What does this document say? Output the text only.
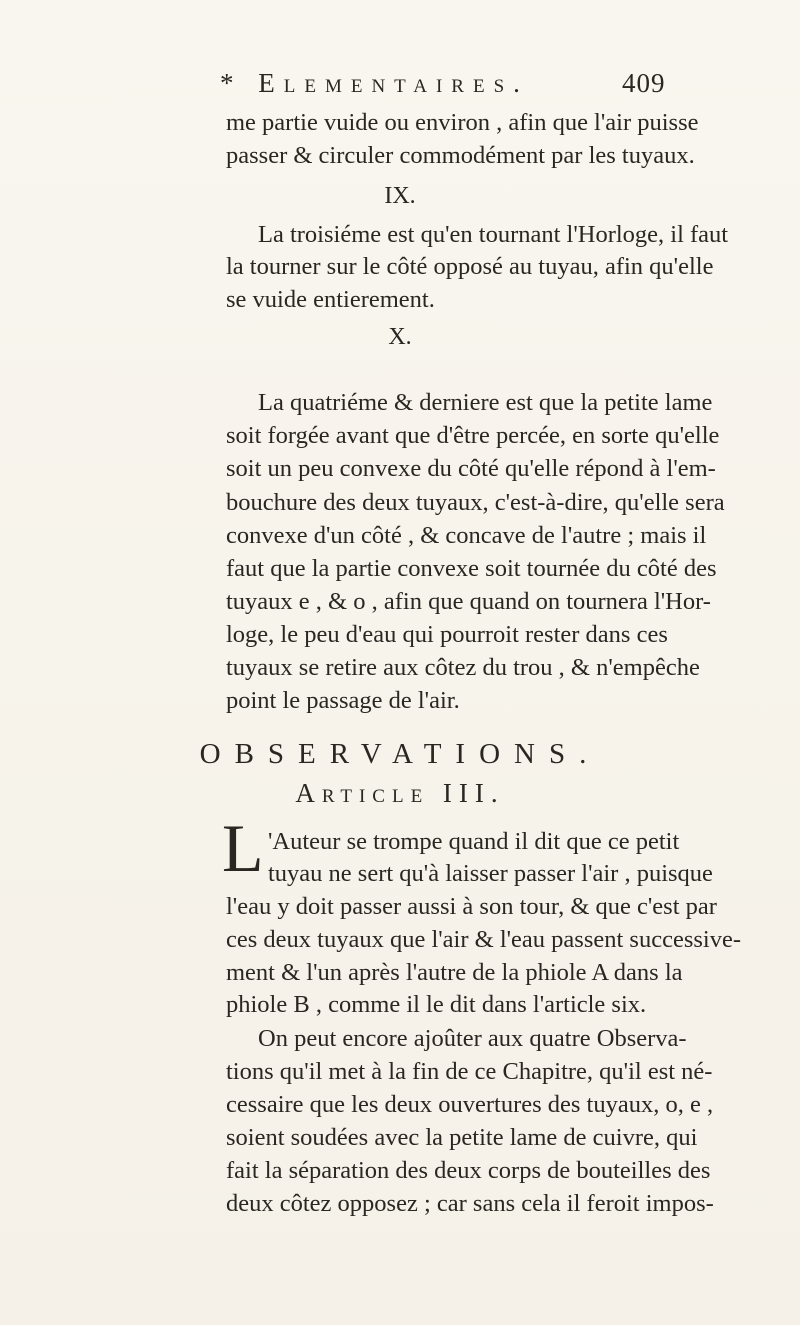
* Elementaires.	409
me partie vuide ou environ , afin que l'air puisse
passer & circuler commodément par les tuyaux.
IX.
La troisiéme est qu'en tournant l'Horloge, il faut
la tourner sur le côté opposé au tuyau, afin qu'elle
se vuide entierement.
X.
La quatriéme & derniere est que la petite lame
soit forgée avant que d'être percée, en sorte qu'elle
soit un peu convexe du côté qu'elle répond à l'em-
bouchure des deux tuyaux, c'est-à-dire, qu'elle sera
convexe d'un côté , & concave de l'autre ; mais il
faut que la partie convexe soit tournée du côté des
tuyaux e , & o , afin que quand on tournera l'Hor-
loge, le peu d'eau qui pourroit rester dans ces
tuyaux se retire aux côtez du trou , & n'empêche
point le passage de l'air.
OBSERVATIONS.
Article III.
L 'Auteur se trompe quand il dit que ce petit
tuyau ne sert qu'à laisser passer l'air , puisque
l'eau y doit passer aussi à son tour, & que c'est par
ces deux tuyaux que l'air & l'eau passent successive-
ment & l'un après l'autre de la phiole A dans la
phiole B , comme il le dit dans l'article six.
On peut encore ajoûter aux quatre Observa-
tions qu'il met à la fin de ce Chapitre, qu'il est né-
cessaire que les deux ouvertures des tuyaux, o, e ,
soient soudées avec la petite lame de cuivre, qui
fait la séparation des deux corps de bouteilles des
deux côtez opposez ; car sans cela il feroit impos-
